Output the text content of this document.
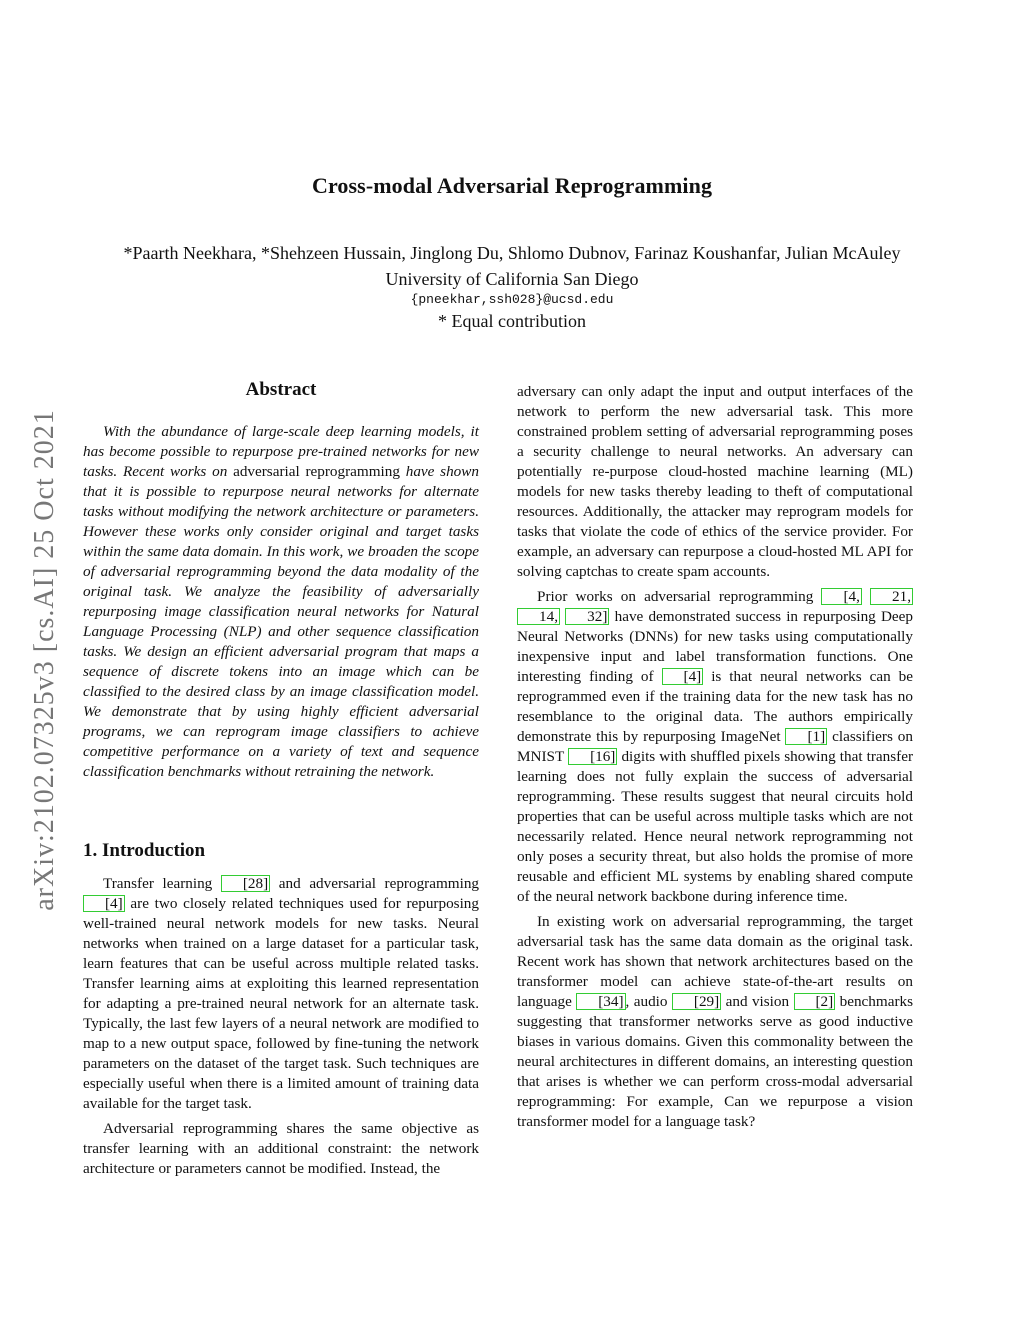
Cross-modal Adversarial Reprogramming
*Paarth Neekhara, *Shehzeen Hussain, Jinglong Du, Shlomo Dubnov, Farinaz Koushanfar, Julian McAuley
University of California San Diego
{pneekhar,ssh028}@ucsd.edu
* Equal contribution
arXiv:2102.07325v3 [cs.AI] 25 Oct 2021
Abstract

With the abundance of large-scale deep learning models, it has become possible to repurpose pre-trained networks for new tasks. Recent works on adversarial reprogramming have shown that it is possible to repurpose neural networks for alternate tasks without modifying the network architecture or parameters. However these works only consider original and target tasks within the same data domain. In this work, we broaden the scope of adversarial reprogramming beyond the data modality of the original task. We analyze the feasibility of adversarially repurposing image classification neural networks for Natural Language Processing (NLP) and other sequence classification tasks. We design an efficient adversarial program that maps a sequence of discrete tokens into an image which can be classified to the desired class by an image classification model. We demonstrate that by using highly efficient adversarial programs, we can reprogram image classifiers to achieve competitive performance on a variety of text and sequence classification benchmarks without retraining the network.

1. Introduction

Transfer learning [28] and adversarial reprogramming [4] are two closely related techniques used for repurposing well-trained neural network models for new tasks. Neural networks when trained on a large dataset for a particular task, learn features that can be useful across multiple related tasks. Transfer learning aims at exploiting this learned representation for adapting a pre-trained neural network for an alternate task. Typically, the last few layers of a neural network are modified to map to a new output space, followed by fine-tuning the network parameters on the dataset of the target task. Such techniques are especially useful when there is a limited amount of training data available for the target task.

Adversarial reprogramming shares the same objective as transfer learning with an additional constraint: the network architecture or parameters cannot be modified. Instead, the

adversary can only adapt the input and output interfaces of the network to perform the new adversarial task. This more constrained problem setting of adversarial reprogramming poses a security challenge to neural networks. An adversary can potentially re-purpose cloud-hosted machine learning (ML) models for new tasks thereby leading to theft of computational resources. Additionally, the attacker may reprogram models for tasks that violate the code of ethics of the service provider. For example, an adversary can repurpose a cloud-hosted ML API for solving captchas to create spam accounts.

Prior works on adversarial reprogramming [4, 21, 14, 32] have demonstrated success in repurposing Deep Neural Networks (DNNs) for new tasks using computationally inexpensive input and label transformation functions. One interesting finding of [4] is that neural networks can be reprogrammed even if the training data for the new task has no resemblance to the original data. The authors empirically demonstrate this by repurposing ImageNet [1] classifiers on MNIST [16] digits with shuffled pixels showing that transfer learning does not fully explain the success of adversarial reprogramming. These results suggest that neural circuits hold properties that can be useful across multiple tasks which are not necessarily related. Hence neural network reprogramming not only poses a security threat, but also holds the promise of more reusable and efficient ML systems by enabling shared compute of the neural network backbone during inference time.

In existing work on adversarial reprogramming, the target adversarial task has the same data domain as the original task. Recent work has shown that network architectures based on the transformer model can achieve state-of-the-art results on language [34] , audio [29] and vision [2] benchmarks suggesting that transformer networks serve as good inductive biases in various domains. Given this commonality between the neural architectures in different domains, an interesting question that arises is whether we can perform cross-modal adversarial reprogramming: For example, Can we repurpose a vision transformer model for a language task?
